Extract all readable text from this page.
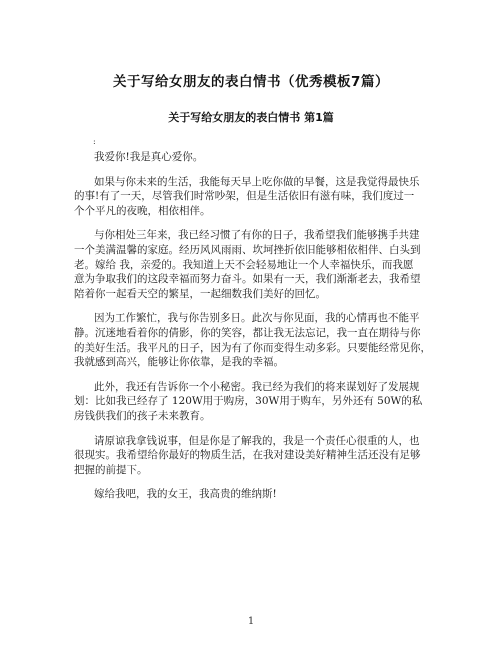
关于写给女朋友的表白情书（优秀模板7篇）
关于写给女朋友的表白情书 第1篇
:
我爱你!我是真心爱你。
如果与你未来的生活，我能每天早上吃你做的早餐，这是我觉得最快乐
的事!有了一天，尽管我们时常吵架，但是生活依旧有滋有味，我们度过一
个个平凡的夜晚，相依相伴。
与你相处三年来，我已经习惯了有你的日子，我希望我们能够携手共建
一个美满温馨的家庭。经历风风雨雨、坎坷挫折依旧能够相依相伴、白头到
老。嫁给 我，亲爱的。我知道上天不会轻易地让一个人幸福快乐，而我愿
意为争取我们的这段幸福而努力奋斗。如果有一天，我们渐渐老去，我希望
陪着你一起看天空的繁星，一起细数我们美好的回忆。
因为工作繁忙，我与你告别多日。此次与你见面，我的心情再也不能平
静。沉迷地看着你的倩影，你的笑容，都让我无法忘记，我一直在期待与你
的美好生活。我平凡的日子，因为有了你而变得生动多彩。只要能经常见你，
我就感到高兴，能够让你依靠，是我的幸福。
此外，我还有告诉你一个小秘密。我已经为我们的将来谋划好了发展规
划：比如我已经存了 120W用于购房，30W用于购车，另外还有 50W的私
房钱供我们的孩子未来教育。
请原谅我拿钱说事，但是你是了解我的，我是一个责任心很重的人，也
很现实。我希望给你最好的物质生活，在我对建设美好精神生活还没有足够
把握的前提下。
嫁给我吧，我的女王，我高贵的维纳斯!
1
